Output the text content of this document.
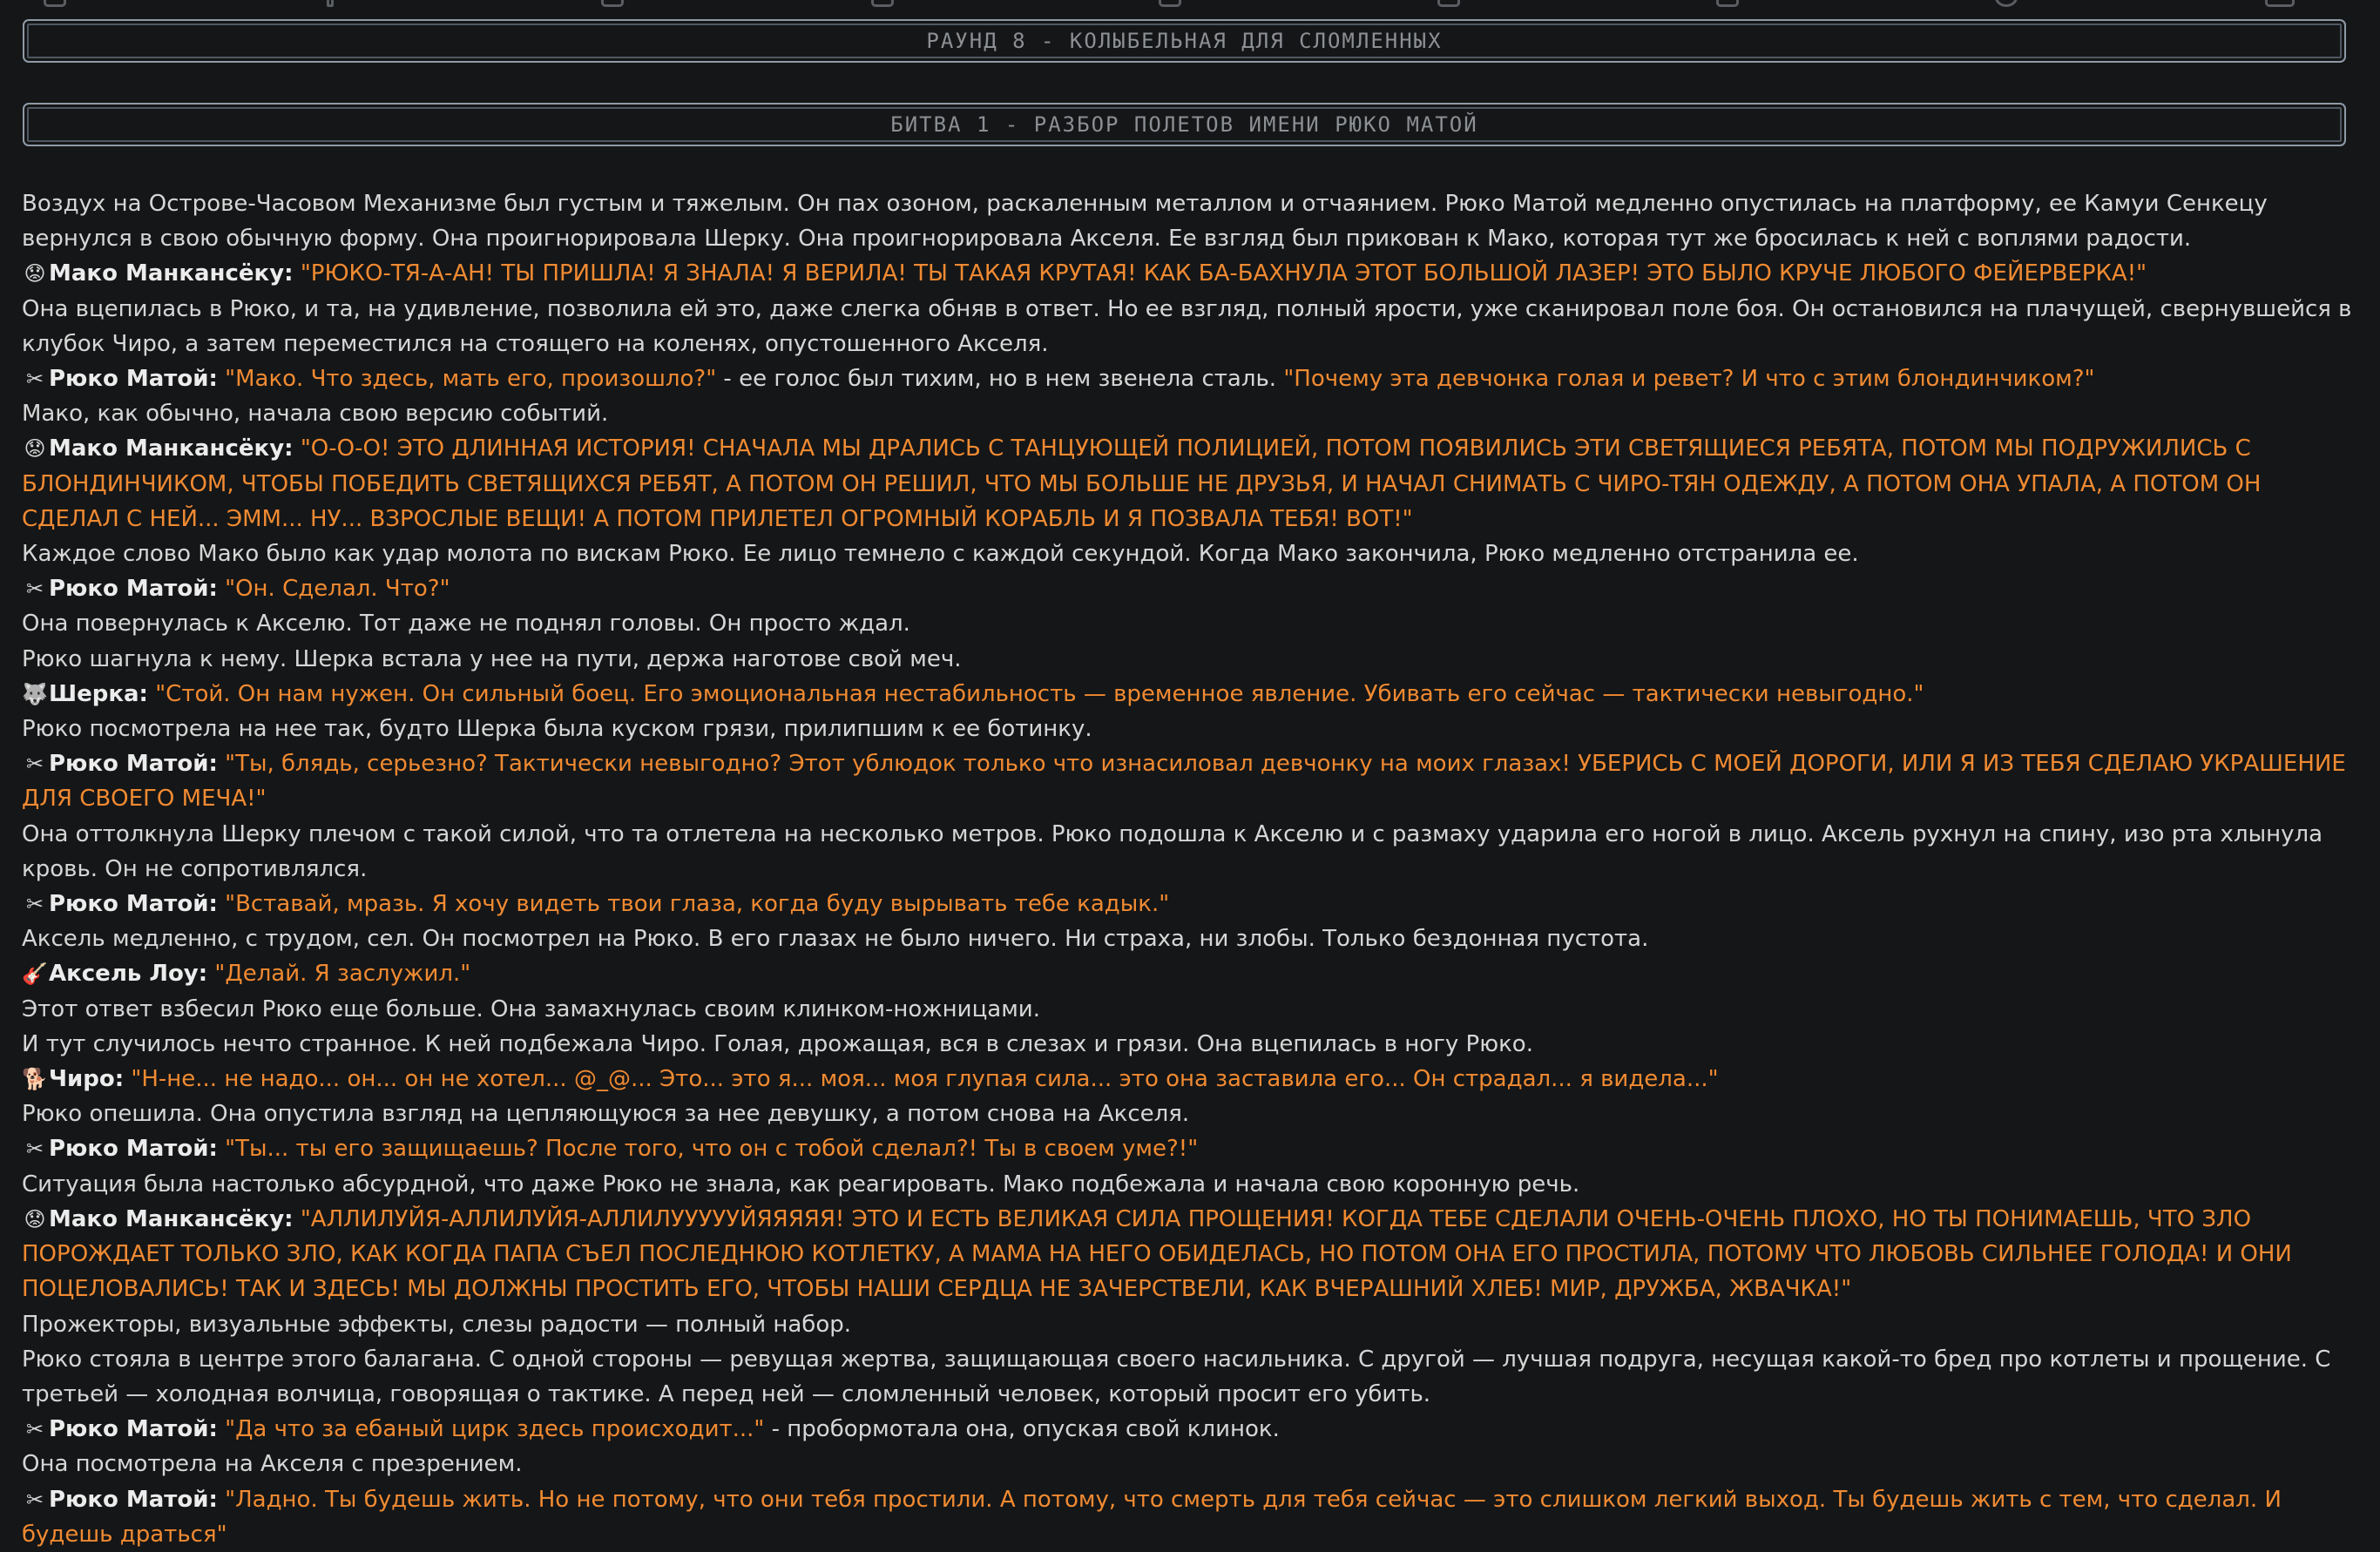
РАУНД 8 - КОЛЫБЕЛЬНАЯ ДЛЯ СЛОМЛЕННЫХ
БИТВА 1 - РАЗБОР ПОЛЕТОВ ИМЕНИ РЮКО МАТОЙ
Воздух на Острове-Часовом Механизме был густым и тяжелым. Он пах озоном, раскаленным металлом и отчаянием. Рюко Матой медленно опустилась на платформу, ее Камуи Сенкецу вернулся в свою обычную форму. Она проигнорировала Шерку. Она проигнорировала Акселя. Ее взгляд был прикован к Мако, которая тут же бросилась к ней с воплями радости.
😟 Мако Манкансёку: "РЮКО-ТЯ-А-АН! ТЫ ПРИШЛА! Я ЗНАЛА! Я ВЕРИЛА! ТЫ ТАКАЯ КРУТАЯ! КАК БА-БАХНУЛА ЭТОТ БОЛЬШОЙ ЛАЗЕР! ЭТО БЫЛО КРУЧЕ ЛЮБОГО ФЕЙЕРВЕРКА!"
Она вцепилась в Рюко, и та, на удивление, позволила ей это, даже слегка обняв в ответ. Но ее взгляд, полный ярости, уже сканировал поле боя. Он остановился на плачущей, свернувшейся в клубок Чиро, а затем переместился на стоящего на коленях, опустошенного Акселя.
✂ Рюко Матой: "Мако. Что здесь, мать его, произошло?" - ее голос был тихим, но в нем звенела сталь. "Почему эта девчонка голая и ревет? И что с этим блондинчиком?"
Мако, как обычно, начала свою версию событий.
😟 Мако Манкансёку: "О-О-О! ЭТО ДЛИННАЯ ИСТОРИЯ! СНАЧАЛА МЫ ДРАЛИСЬ С ТАНЦУЮЩЕЙ ПОЛИЦИЕЙ, ПОТОМ ПОЯВИЛИСЬ ЭТИ СВЕТЯЩИЕСЯ РЕБЯТА, ПОТОМ МЫ ПОДРУЖИЛИСЬ С БЛОНДИНЧИКОМ, ЧТОБЫ ПОБЕДИТЬ СВЕТЯЩИХСЯ РЕБЯТ, А ПОТОМ ОН РЕШИЛ, ЧТО МЫ БОЛЬШЕ НЕ ДРУЗЬЯ, И НАЧАЛ СНИМАТЬ С ЧИРО-ТЯН ОДЕЖДУ, А ПОТОМ ОНА УПАЛА, А ПОТОМ ОН СДЕЛАЛ С НЕЙ... ЭММ... НУ... ВЗРОСЛЫЕ ВЕЩИ! А ПОТОМ ПРИЛЕТЕЛ ОГРОМНЫЙ КОРАБЛЬ И Я ПОЗВАЛА ТЕБЯ! ВОТ!"
Каждое слово Мако было как удар молота по вискам Рюко. Ее лицо темнело с каждой секундой. Когда Мако закончила, Рюко медленно отстранила ее.
✂ Рюко Матой: "Он. Сделал. Что?"
Она повернулась к Акселю. Тот даже не поднял головы. Он просто ждал.
Рюко шагнула к нему. Шерка встала у нее на пути, держа наготове свой меч.
🐺Шерка: "Стой. Он нам нужен. Он сильный боец. Его эмоциональная нестабильность — временное явление. Убивать его сейчас — тактически невыгодно."
Рюко посмотрела на нее так, будто Шерка была куском грязи, прилипшим к ее ботинку.
✂ Рюко Матой: "Ты, блядь, серьезно? Тактически невыгодно? Этот ублюдок только что изнасиловал девчонку на моих глазах! УБЕРИСЬ С МОЕЙ ДОРОГИ, ИЛИ Я ИЗ ТЕБЯ СДЕЛАЮ УКРАШЕНИЕ ДЛЯ СВОЕГО МЕЧА!"
Она оттолкнула Шерку плечом с такой силой, что та отлетела на несколько метров. Рюко подошла к Акселю и с размаху ударила его ногой в лицо. Аксель рухнул на спину, изо рта хлынула кровь. Он не сопротивлялся.
✂ Рюко Матой: "Вставай, мразь. Я хочу видеть твои глаза, когда буду вырывать тебе кадык."
Аксель медленно, с трудом, сел. Он посмотрел на Рюко. В его глазах не было ничего. Ни страха, ни злобы. Только бездонная пустота.
🎸Аксель Лоу: "Делай. Я заслужил."
Этот ответ взбесил Рюко еще больше. Она замахнулась своим клинком-ножницами.
И тут случилось нечто странное. К ней подбежала Чиро. Голая, дрожащая, вся в слезах и грязи. Она вцепилась в ногу Рюко.
🐕Чиро: "Н-не... не надо... он... он не хотел... @_@... Это... это я... моя... моя глупая сила... это она заставила его... Он страдал... я видела..."
Рюко опешила. Она опустила взгляд на цепляющуюся за нее девушку, а потом снова на Акселя.
✂ Рюко Матой: "Ты... ты его защищаешь? После того, что он с тобой сделал?! Ты в своем уме?!"
Ситуация была настолько абсурдной, что даже Рюко не знала, как реагировать. Мако подбежала и начала свою коронную речь.
😟 Мако Манкансёку: "АЛЛИЛУЙЯ-АЛЛИЛУЙЯ-АЛЛИЛУУУУУЙЯЯЯЯЯ! ЭТО И ЕСТЬ ВЕЛИКАЯ СИЛА ПРОЩЕНИЯ! КОГДА ТЕБЕ СДЕЛАЛИ ОЧЕНЬ-ОЧЕНЬ ПЛОХО, НО ТЫ ПОНИМАЕШЬ, ЧТО ЗЛО ПОРОЖДАЕТ ТОЛЬКО ЗЛО, КАК КОГДА ПАПА СЪЕЛ ПОСЛЕДНЮЮ КОТЛЕТКУ, А МАМА НА НЕГО ОБИДЕЛАСЬ, НО ПОТОМ ОНА ЕГО ПРОСТИЛА, ПОТОМУ ЧТО ЛЮБОВЬ СИЛЬНЕЕ ГОЛОДА! И ОНИ ПОЦЕЛОВАЛИСЬ! ТАК И ЗДЕСЬ! МЫ ДОЛЖНЫ ПРОСТИТЬ ЕГО, ЧТОБЫ НАШИ СЕРДЦА НЕ ЗАЧЕРСТВЕЛИ, КАК ВЧЕРАШНИЙ ХЛЕБ! МИР, ДРУЖБА, ЖВАЧКА!"
Прожекторы, визуальные эффекты, слезы радости — полный набор.
Рюко стояла в центре этого балагана. С одной стороны — ревущая жертва, защищающая своего насильника. С другой — лучшая подруга, несущая какой-то бред про котлеты и прощение. С третьей — холодная волчица, говорящая о тактике. А перед ней — сломленный человек, который просит его убить.
✂ Рюко Матой: "Да что за ебаный цирк здесь происходит..." - пробормотала она, опуская свой клинок.
Она посмотрела на Акселя с презрением.
✂ Рюко Матой: "Ладно. Ты будешь жить. Но не потому, что они тебя простили. А потому, что смерть для тебя сейчас — это слишком легкий выход. Ты будешь жить с тем, что сделал. И будешь драться"
